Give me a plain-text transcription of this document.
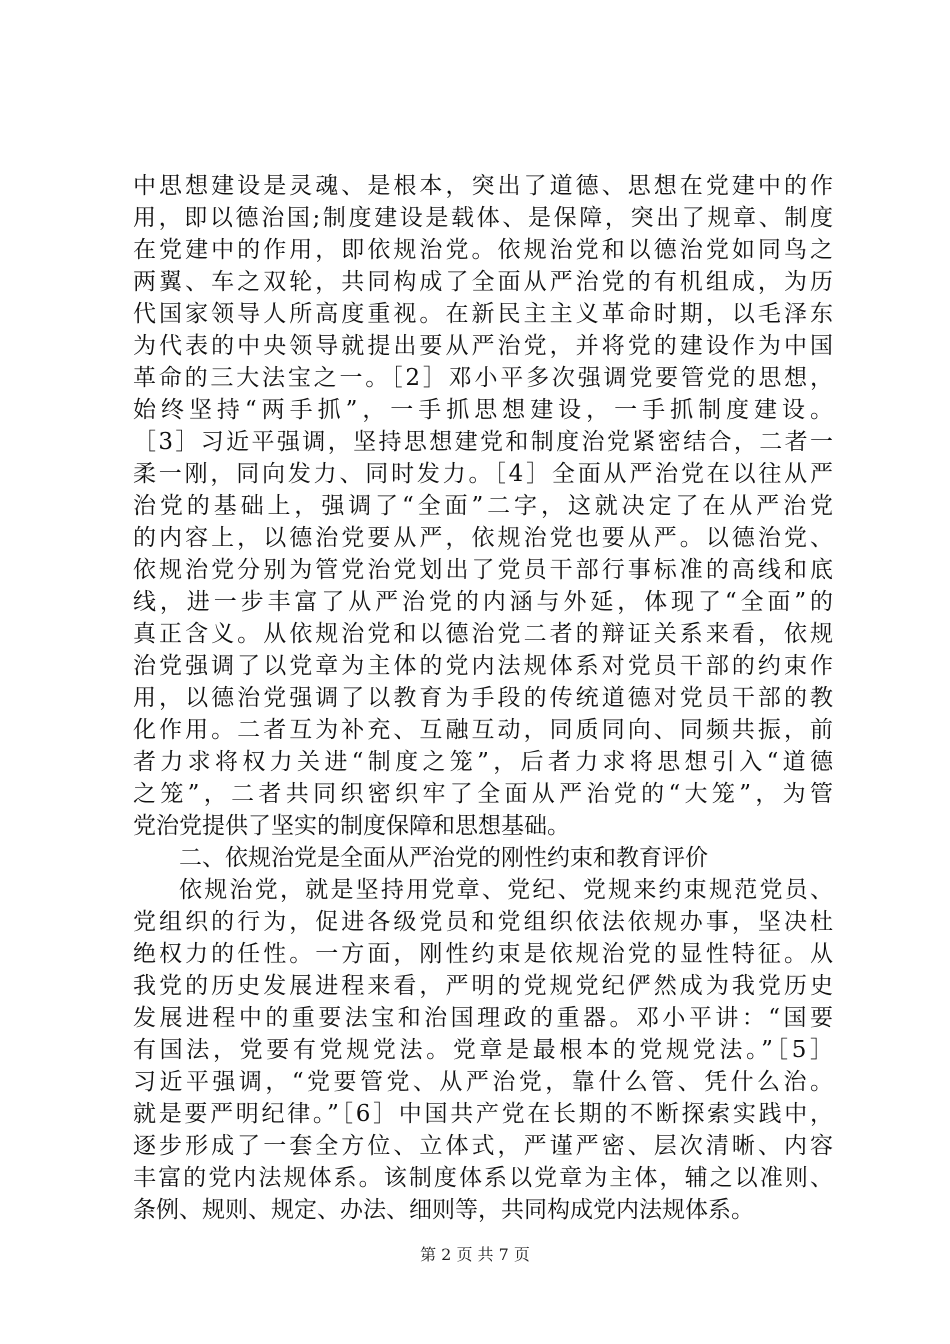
中思想建设是灵魂、是根本，突出了道德、思想在党建中的作
用，即以德治国;制度建设是载体、是保障，突出了规章、制度
在党建中的作用，即依规治党。依规治党和以德治党如同鸟之
两翼、车之双轮，共同构成了全面从严治党的有机组成，为历
代国家领导人所高度重视。在新民主主义革命时期，以毛泽东
为代表的中央领导就提出要从严治党，并将党的建设作为中国
革命的三大法宝之一。［2］邓小平多次强调党要管党的思想，
始终坚持“两手抓”，一手抓思想建设，一手抓制度建设。
［3］习近平强调，坚持思想建党和制度治党紧密结合，二者一
柔一刚，同向发力、同时发力。［4］全面从严治党在以往从严
治党的基础上，强调了“全面”二字，这就决定了在从严治党
的内容上，以德治党要从严，依规治党也要从严。以德治党、
依规治党分别为管党治党划出了党员干部行事标准的高线和底
线，进一步丰富了从严治党的内涵与外延，体现了“全面”的
真正含义。从依规治党和以德治党二者的辩证关系来看，依规
治党强调了以党章为主体的党内法规体系对党员干部的约束作
用，以德治党强调了以教育为手段的传统道德对党员干部的教
化作用。二者互为补充、互融互动，同质同向、同频共振，前
者力求将权力关进“制度之笼”，后者力求将思想引入“道德
之笼”，二者共同织密织牢了全面从严治党的“大笼”，为管
党治党提供了坚实的制度保障和思想基础。
二、依规治党是全面从严治党的刚性约束和教育评价
依规治党，就是坚持用党章、党纪、党规来约束规范党员、
党组织的行为，促进各级党员和党组织依法依规办事，坚决杜
绝权力的任性。一方面，刚性约束是依规治党的显性特征。从
我党的历史发展进程来看，严明的党规党纪俨然成为我党历史
发展进程中的重要法宝和治国理政的重器。邓小平讲：“国要
有国法，党要有党规党法。党章是最根本的党规党法。”［5］
习近平强调，“党要管党、从严治党，靠什么管、凭什么治。
就是要严明纪律。”［6］中国共产党在长期的不断探索实践中，
逐步形成了一套全方位、立体式，严谨严密、层次清晰、内容
丰富的党内法规体系。该制度体系以党章为主体，辅之以准则、
条例、规则、规定、办法、细则等，共同构成党内法规体系。
第 2 页 共 7 页
